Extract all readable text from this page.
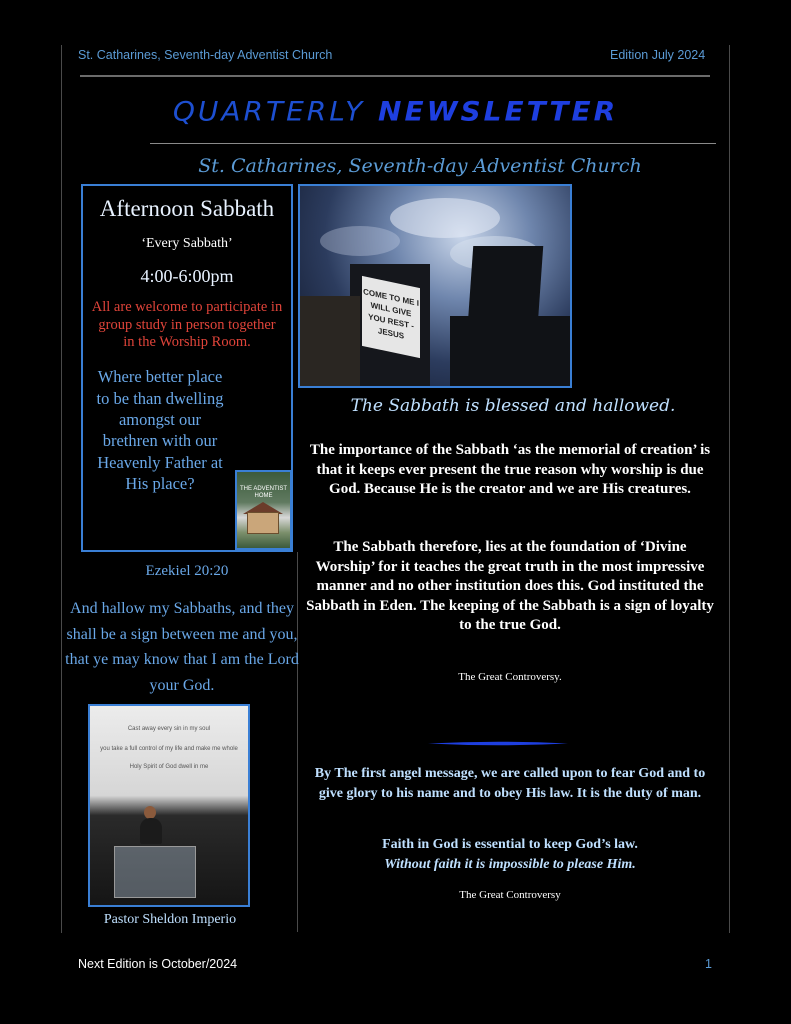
St. Catharines, Seventh-day Adventist Church	Edition July 2024
QUARTERLY NEWSLETTER
St. Catharines, Seventh-day Adventist Church
Afternoon Sabbath
‘Every Sabbath’
4:00-6:00pm
All are welcome to participate in group study in person together in the Worship Room.
Where better place to be than dwelling amongst our brethren with our Heavenly Father at His place?	THE ADVENTIST HOME
Ezekiel 20:20
And hallow my Sabbaths, and they shall be a sign between me and you, that ye may know that I am the Lord your God.
COME TO ME I WILL GIVE YOU REST - JESUS
The Sabbath is blessed and hallowed.
The importance of the Sabbath ‘as the memorial of creation’ is that it keeps ever present the true reason why worship is due God. Because He is the creator and we are His creatures.
The Sabbath therefore, lies at the foundation of ‘Divine Worship’ for it teaches the great truth in the most impressive manner and no other institution does this. God instituted the Sabbath in Eden. The keeping of the Sabbath is a sign of loyalty to the true God.
The Great Controversy.
By The first angel message, we are called upon to fear God and to give glory to his name and to obey His law. It is the duty of man.
Faith in God is essential to keep God’s law.
Without faith it is impossible to please Him.
The Great Controversy
Cast away every sin in my soul
you take a full control of my life and make me whole
Holy Spirit of God dwell in me
Pastor Sheldon Imperio
Next Edition is October/2024	1
